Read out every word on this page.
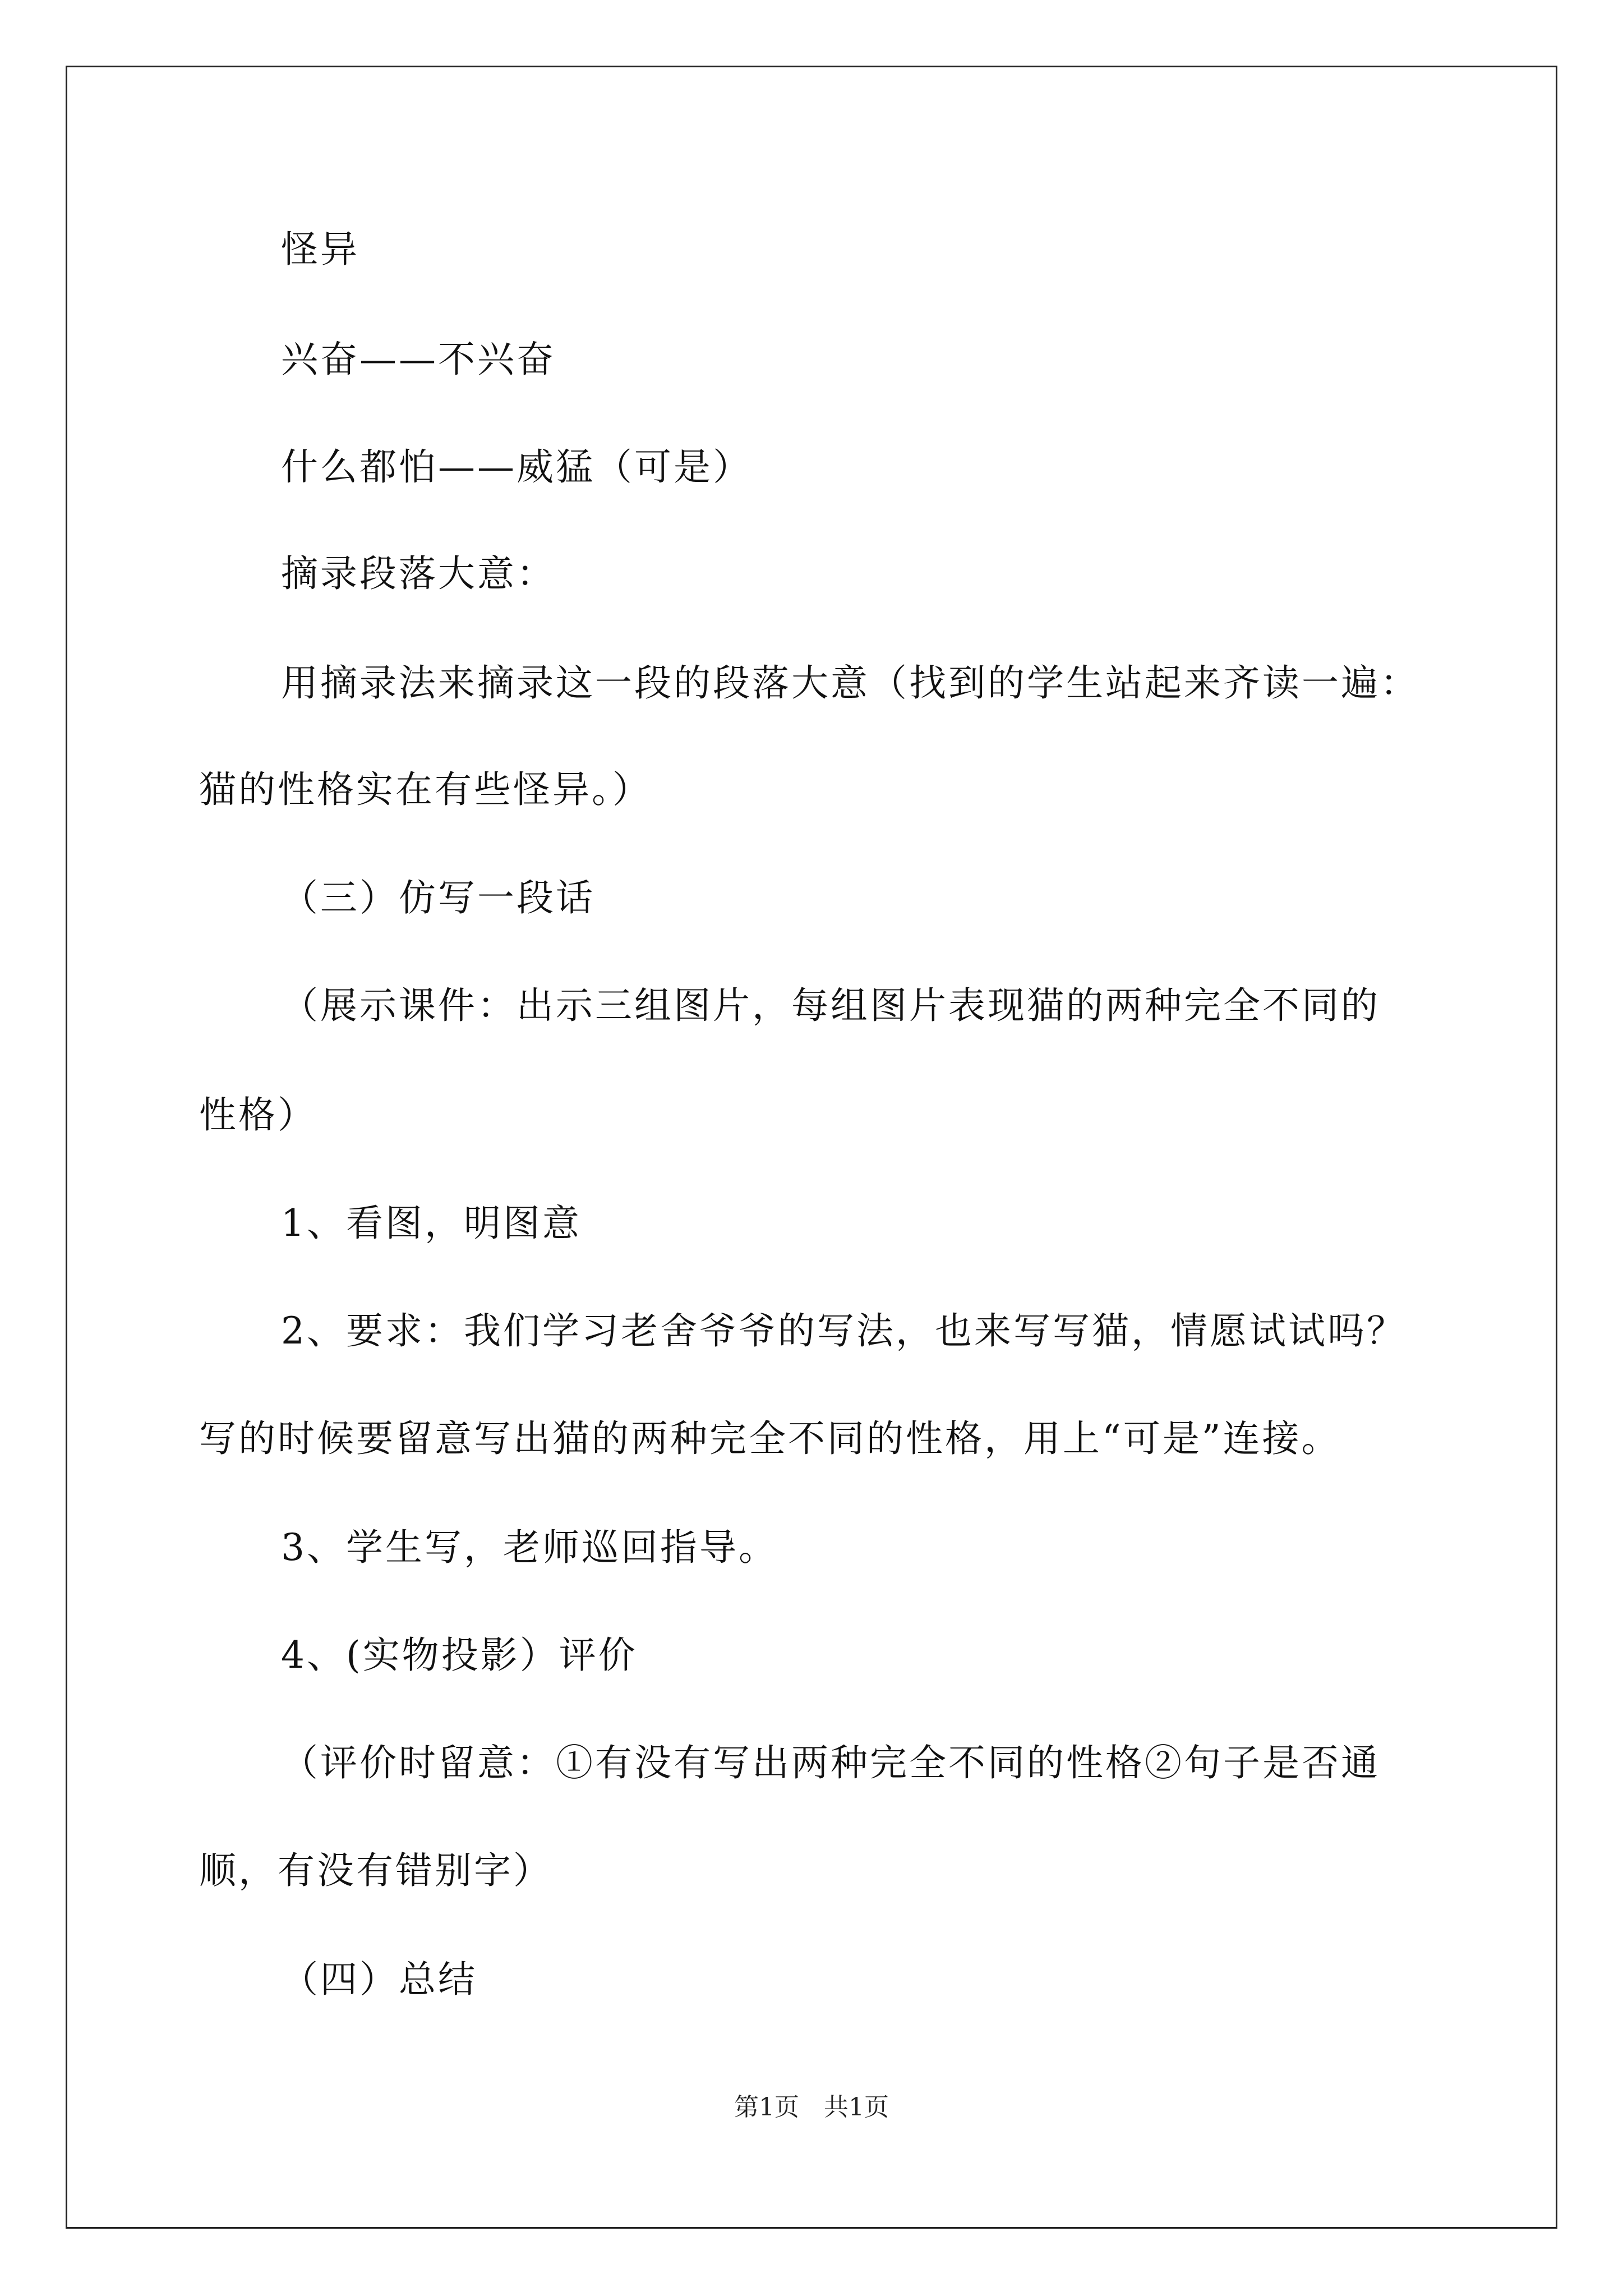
怪异

兴奋——不兴奋

什么都怕——威猛（可是）

摘录段落大意：

用摘录法来摘录这一段的段落大意（找到的学生站起来齐读一遍：

猫的性格实在有些怪异。）

（三）仿写一段话

（展示课件：出示三组图片，每组图片表现猫的两种完全不同的

性格）

1、看图，明图意

2、要求：我们学习老舍爷爷的写法，也来写写猫，情愿试试吗？

写的时候要留意写出猫的两种完全不同的性格，用上“可是”连接。

3、学生写，老师巡回指导。

4、(实物投影）评价

（评价时留意：①有没有写出两种完全不同的性格②句子是否通

顺，有没有错别字）

（四）总结

第1页　共1页
